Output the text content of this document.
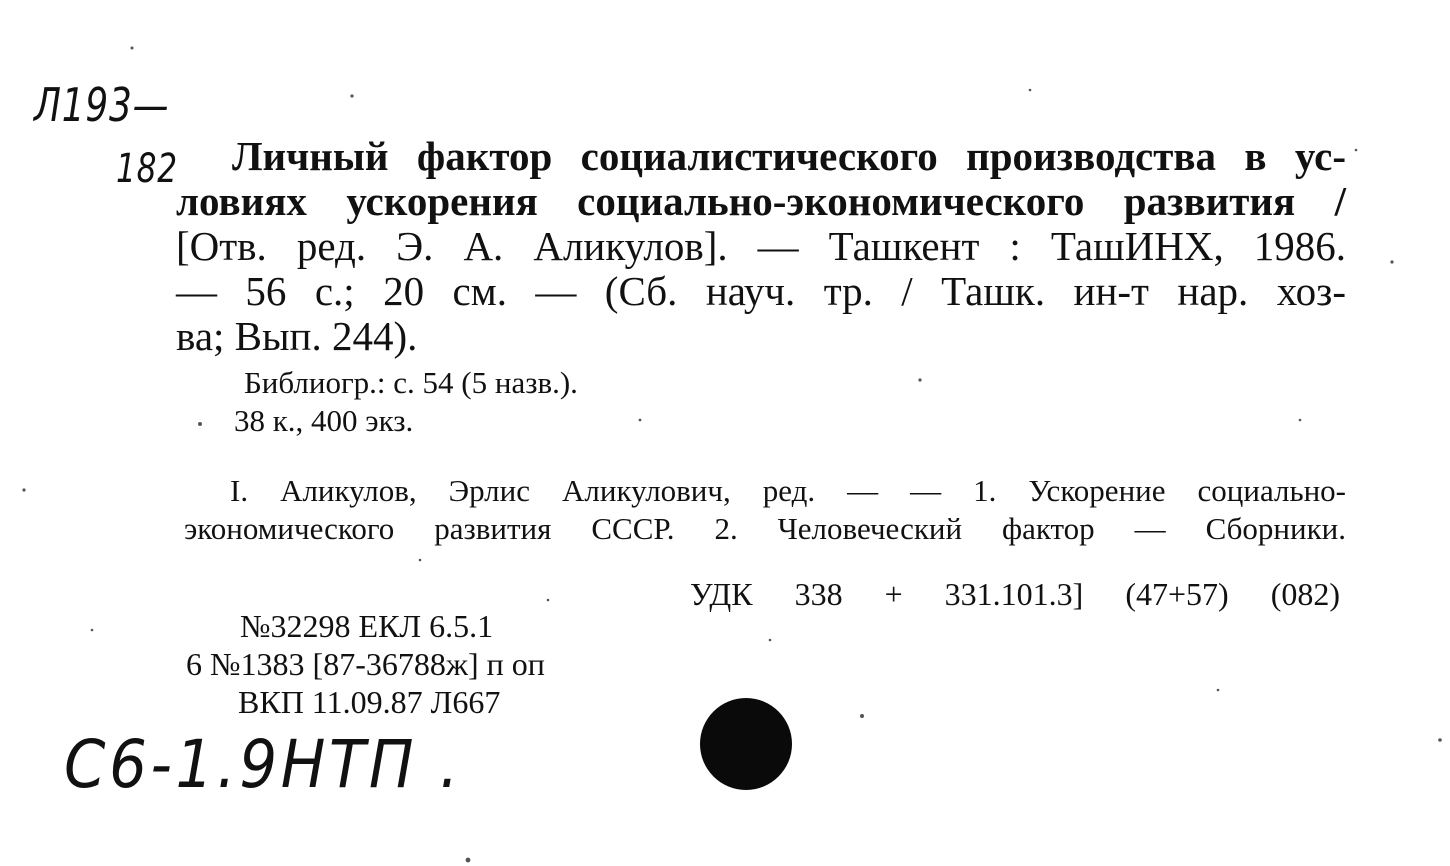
Л193—
182	Личный фактор социалистического производства в ус-

ловиях ускорения социально-экономического развития /

[Отв. ред. Э. А. Аликулов]. — Ташкент : ТашИНХ, 1986.

— 56 с.; 20 см. — (Сб. науч. тр. / Ташк. ин-т нар. хоз-

ва; Вып. 244).

Библиогр.: с. 54 (5 назв.).

38 к., 400 экз.

I. Аликулов, Эрлис Аликулович, ред. — — 1. Ускорение социально-

экономического развития СССР. 2. Человеческий фактор — Сборники.

УДК 338 + 331.101.3] (47+57) (082)
№32298 ЕКЛ 6.5.1
6 №1383 [87-36788ж] п оп
ВКП 11.09.87 Л667
С6-1.9НТП .
